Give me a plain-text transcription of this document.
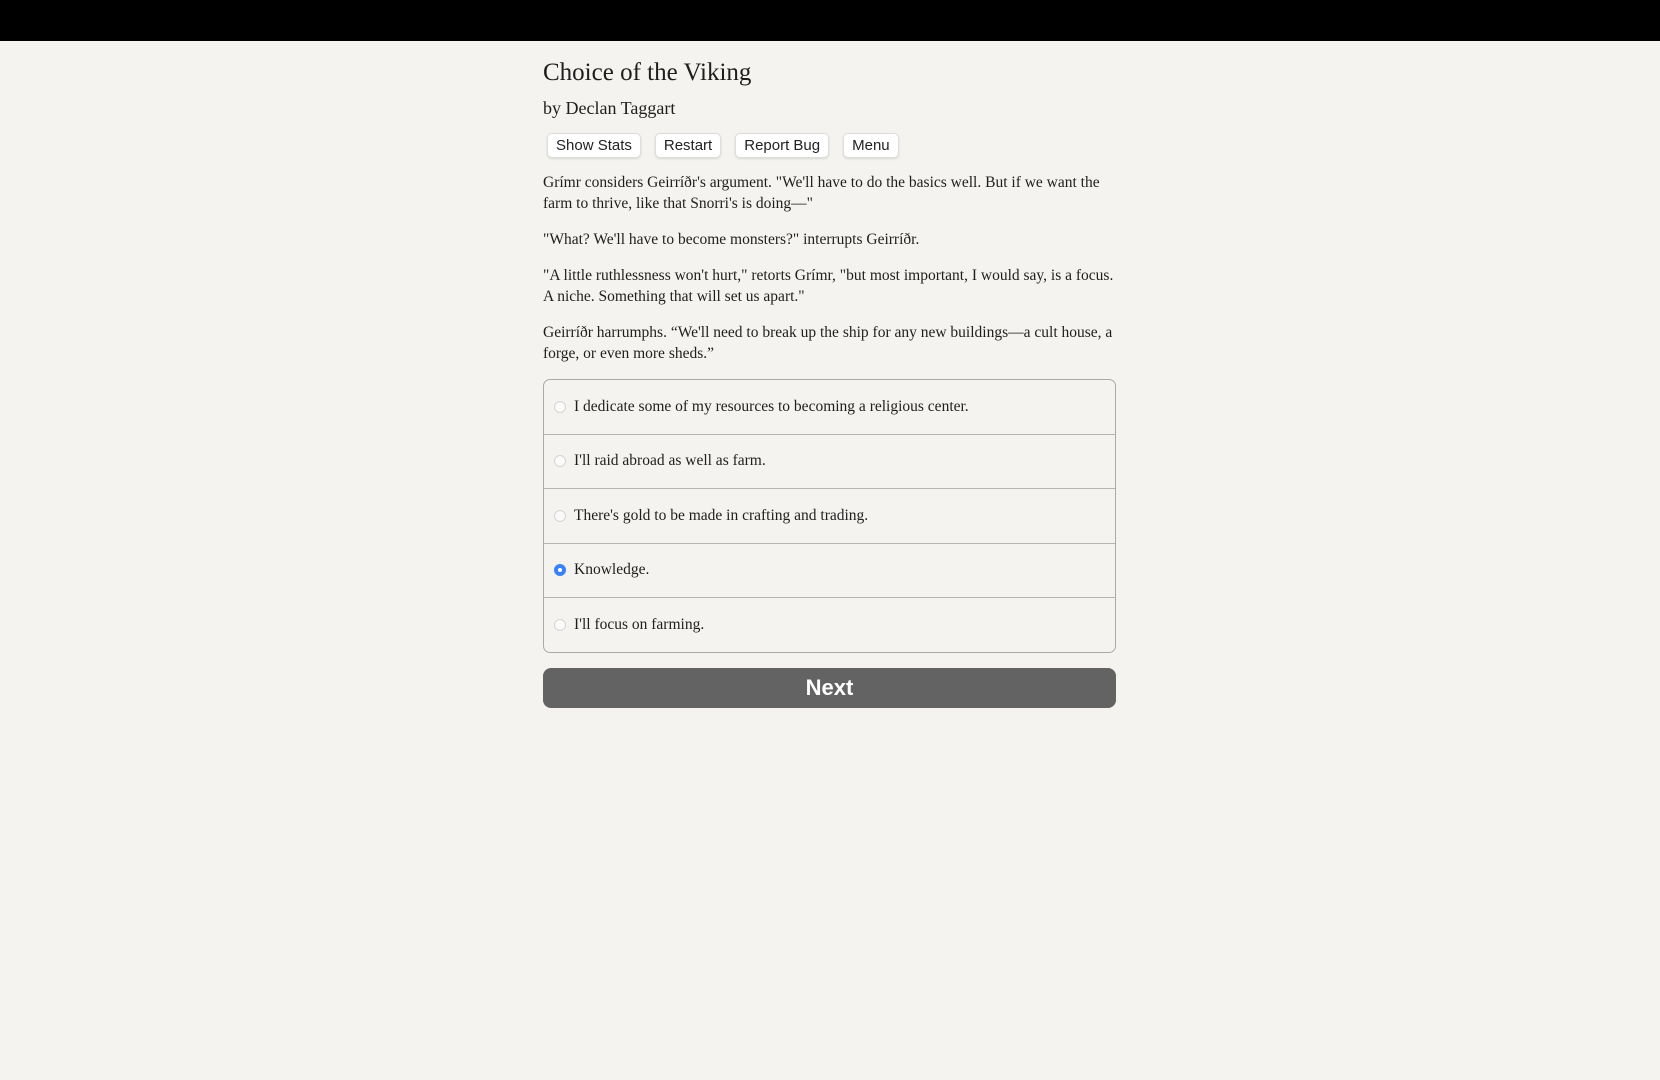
Choice of the Viking

by Declan Taggart

Show Stats	Restart	Report Bug	Menu

Grímr considers Geirríðr's argument. "We'll have to do the basics well. But if we want the farm to thrive, like that Snorri's is doing—"

"What? We'll have to become monsters?" interrupts Geirríðr.

"A little ruthlessness won't hurt," retorts Grímr, "but most important, I would say, is a focus. A niche. Something that will set us apart."

Geirríðr harrumphs. “We'll need to break up the ship for any new buildings—a cult house, a forge, or even more sheds.”

I dedicate some of my resources to becoming a religious center.
I'll raid abroad as well as farm.
There's gold to be made in crafting and trading.
Knowledge.
I'll focus on farming.
Next
